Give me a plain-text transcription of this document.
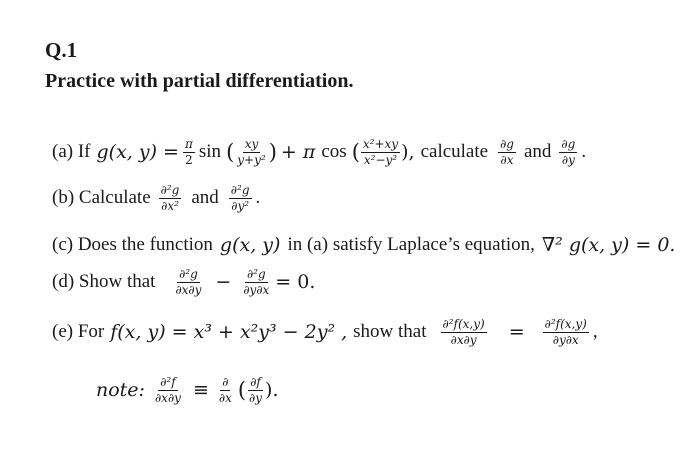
Q.1
Practice with partial differentiation.
(a) If g(x, $y) = \frac{\pi}{2}$ sin ( $\frac{xy}{\text{y+y²}}$ ) + π cos ( $\frac{\text{x²+xy}}{\text{x²−y²}}$ ), calculate $\frac{\partial g}{\partial x}$ and $\frac{\partial g}{\partial y}$ .
(b) Calculate $\frac{\text{∂²g}}{\text{∂x²}}$ and $\frac{\text{∂²g}}{\text{∂y²}}$ .
(c) Does the function g(x, y) in (a) satisfy Laplace’s equation, ∇² g(x, y) = 0.
(d) Show that $\frac{\text{∂²g}}{\partial x\partial y} - \frac{\text{∂²g}}{\partial y\partial x} = 0$.
(e) For f(x, y) = x³ + x²y³ − 2y² , show that $\frac{\text{∂²f(x,y)}}{\partial x\partial y} = \frac{\text{∂²f(x,y)}}{\partial y\partial x}$ ,
note: $\frac{\text{∂²f}}{\partial x\partial y} \equiv \frac{\partial}{\partial x}$ ( $\frac{\partial f}{\partial y}$ ).
